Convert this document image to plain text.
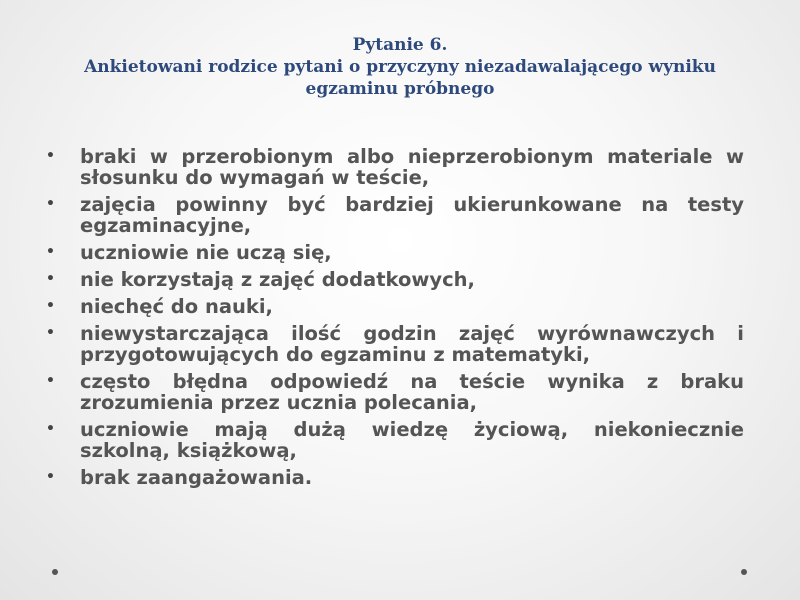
Pytanie 6.
Ankietowani rodzice pytani o przyczyny niezadawalającego wyniku
egzaminu próbnego
• braki w przerobionym albo nieprzerobionym materiale w słosunku do wymagań w teście,
• zajęcia powinny być bardziej ukierunkowane na testy egzaminacyjne,
• uczniowie nie uczą się,
• nie korzystają z zajęć dodatkowych,
• niechęć do nauki,
• niewystarczająca ilość godzin zajęć wyrównawczych i przygotowujących do egzaminu z matematyki,
• często błędna odpowiedź na teście wynika z braku zrozumienia przez ucznia polecania,
• uczniowie mają dużą wiedzę życiową, niekoniecznie szkolną, książkową,
• brak zaangażowania.
